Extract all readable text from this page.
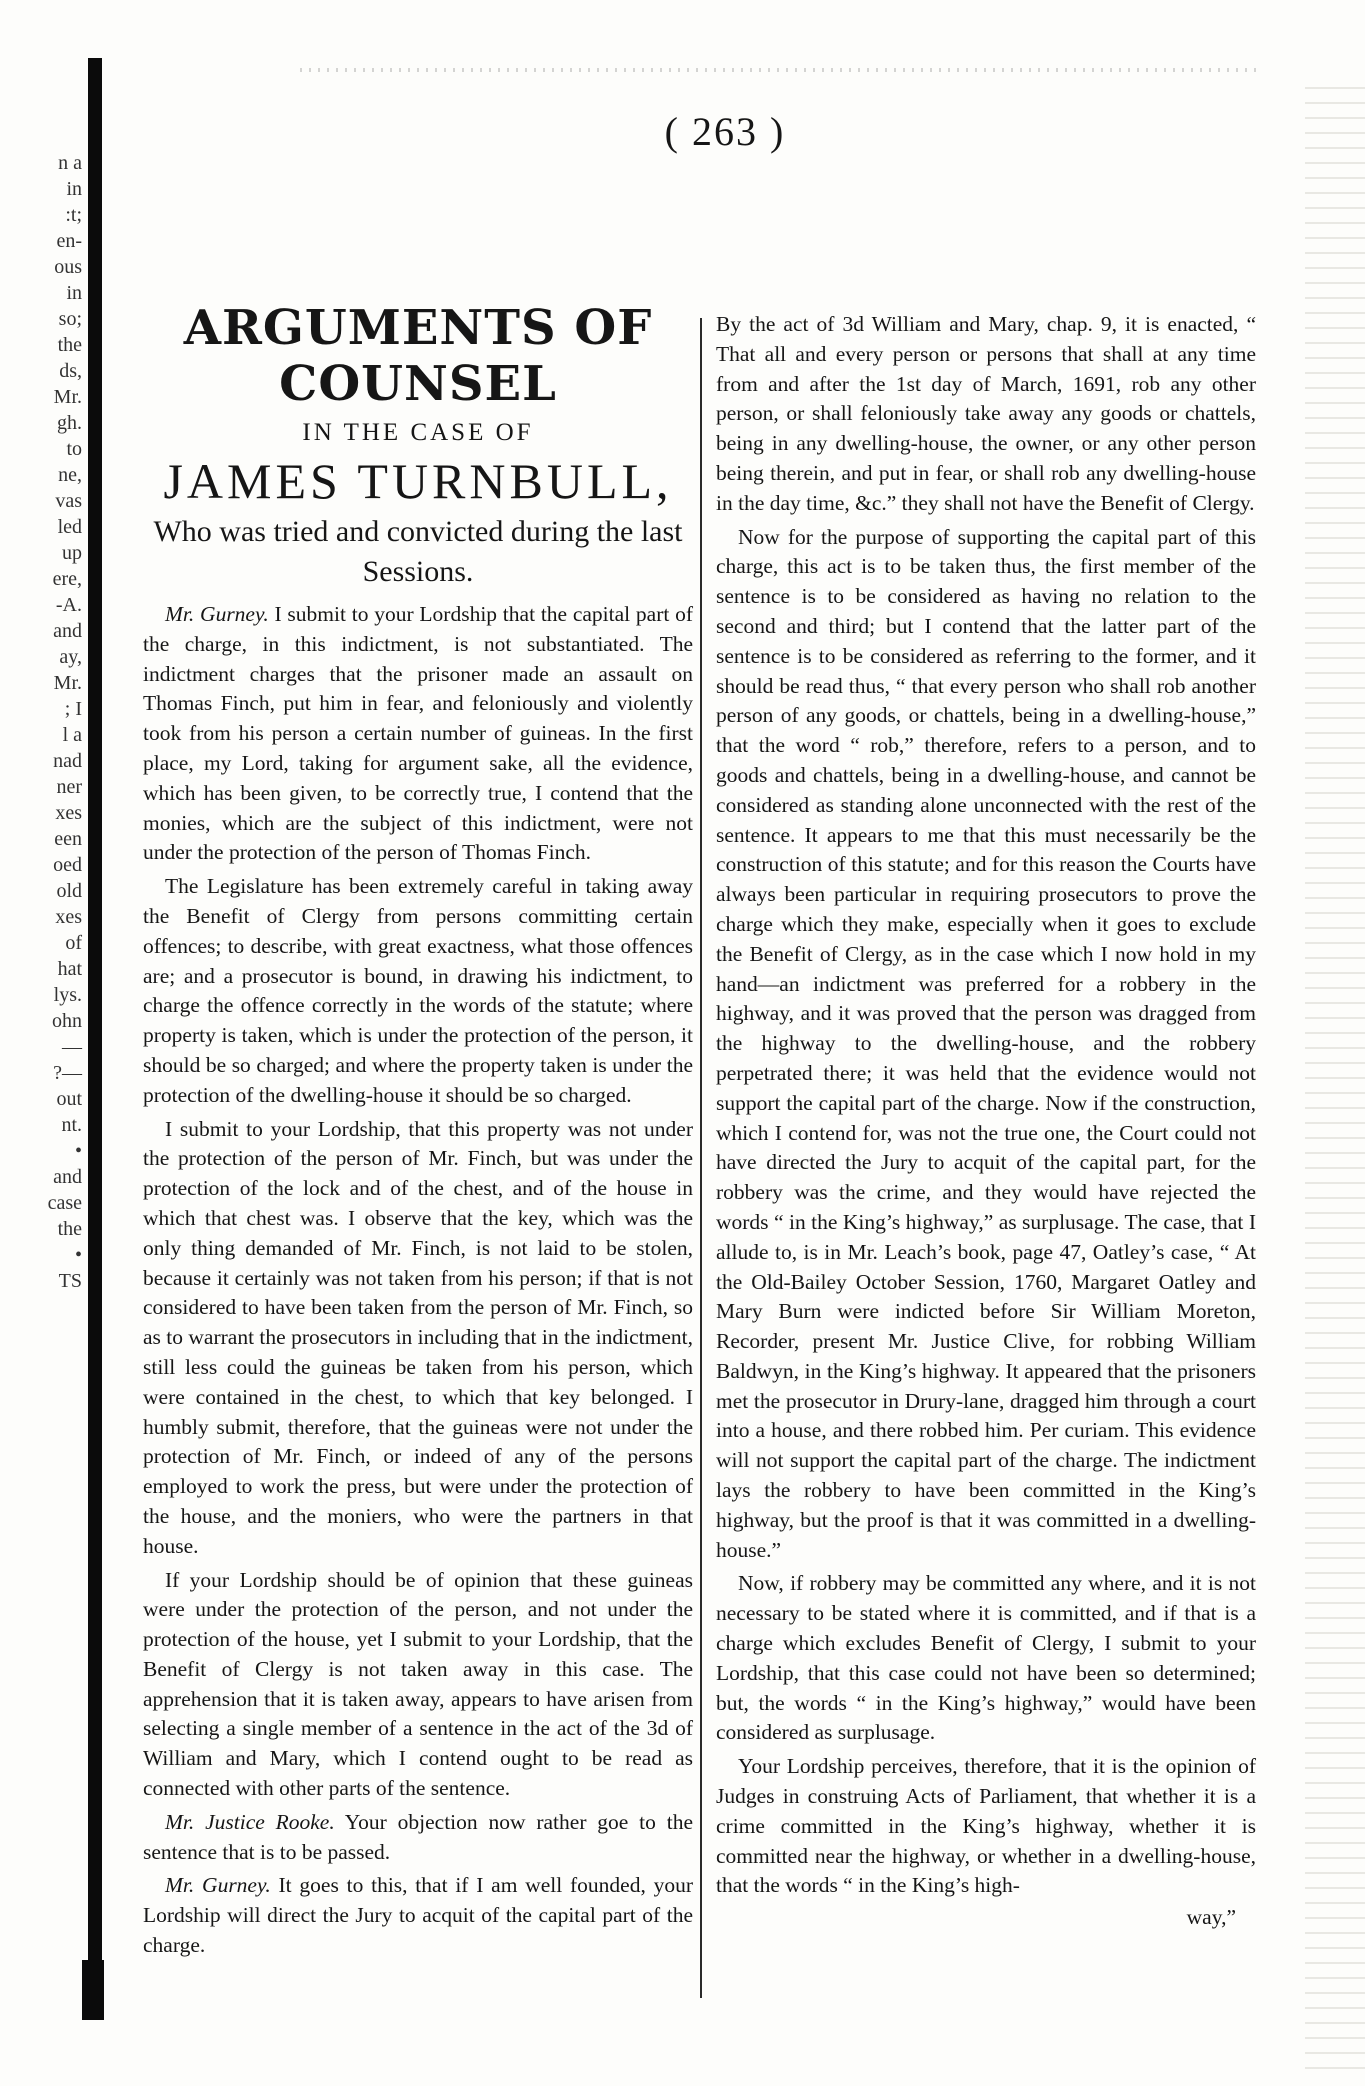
n a
in
:t;
en-
ous
in
so;
the
ds,
Mr.
gh.
to
ne,
vas
led
up
ere,
-A.
and
ay,
Mr.
; I
l a
nad
ner
xes
een
oed
old
xes
of
hat
lys.
ohn
—
?—
out
nt.
•
and
case
the
•
TS
( 263 )
ARGUMENTS OF COUNSEL
IN THE CASE OF
JAMES TURNBULL,
Who was tried and convicted during the last Sessions.

Mr. Gurney. I submit to your Lordship that the capital part of the charge, in this indictment, is not substantiated. The indictment charges that the prisoner made an assault on Thomas Finch, put him in fear, and feloniously and violently took from his person a certain number of guineas. In the first place, my Lord, taking for argument sake, all the evidence, which has been given, to be correctly true, I contend that the monies, which are the subject of this indictment, were not under the protection of the person of Thomas Finch.

The Legislature has been extremely careful in taking away the Benefit of Clergy from persons committing certain offences; to describe, with great exactness, what those offences are; and a prosecutor is bound, in drawing his indictment, to charge the offence correctly in the words of the statute; where property is taken, which is under the protection of the person, it should be so charged; and where the property taken is under the protection of the dwelling-house it should be so charged.

I submit to your Lordship, that this property was not under the protection of the person of Mr. Finch, but was under the protection of the lock and of the chest, and of the house in which that chest was. I observe that the key, which was the only thing demanded of Mr. Finch, is not laid to be stolen, because it certainly was not taken from his person; if that is not considered to have been taken from the person of Mr. Finch, so as to warrant the prosecutors in including that in the indictment, still less could the guineas be taken from his person, which were contained in the chest, to which that key belonged. I humbly submit, therefore, that the guineas were not under the protection of Mr. Finch, or indeed of any of the persons employed to work the press, but were under the protection of the house, and the moniers, who were the partners in that house.

If your Lordship should be of opinion that these guineas were under the protection of the person, and not under the protection of the house, yet I submit to your Lordship, that the Benefit of Clergy is not taken away in this case. The apprehension that it is taken away, appears to have arisen from selecting a single member of a sentence in the act of the 3d of William and Mary, which I contend ought to be read as connected with other parts of the sentence.

Mr. Justice Rooke. Your objection now rather goe to the sentence that is to be passed.

Mr. Gurney. It goes to this, that if I am well founded, your Lordship will direct the Jury to acquit of the capital part of the charge.

By the act of 3d William and Mary, chap. 9, it is enacted, “ That all and every person or persons that shall at any time from and after the 1st day of March, 1691, rob any other person, or shall feloniously take away any goods or chattels, being in any dwelling-house, the owner, or any other person being therein, and put in fear, or shall rob any dwelling-house in the day time, &c.” they shall not have the Benefit of Clergy.

Now for the purpose of supporting the capital part of this charge, this act is to be taken thus, the first member of the sentence is to be considered as having no relation to the second and third; but I contend that the latter part of the sentence is to be considered as referring to the former, and it should be read thus, “ that every person who shall rob another person of any goods, or chattels, being in a dwelling-house,” that the word “ rob,” therefore, refers to a person, and to goods and chattels, being in a dwelling-house, and cannot be considered as standing alone unconnected with the rest of the sentence. It appears to me that this must necessarily be the construction of this statute; and for this reason the Courts have always been particular in requiring prosecutors to prove the charge which they make, especially when it goes to exclude the Benefit of Clergy, as in the case which I now hold in my hand—an indictment was preferred for a robbery in the highway, and it was proved that the person was dragged from the highway to the dwelling-house, and the robbery perpetrated there; it was held that the evidence would not support the capital part of the charge. Now if the construction, which I contend for, was not the true one, the Court could not have directed the Jury to acquit of the capital part, for the robbery was the crime, and they would have rejected the words “ in the King’s highway,” as surplusage. The case, that I allude to, is in Mr. Leach’s book, page 47, Oatley’s case, “ At the Old-Bailey October Session, 1760, Margaret Oatley and Mary Burn were indicted before Sir William Moreton, Recorder, present Mr. Justice Clive, for robbing William Baldwyn, in the King’s highway. It appeared that the prisoners met the prosecutor in Drury-lane, dragged him through a court into a house, and there robbed him. Per curiam. This evidence will not support the capital part of the charge. The indictment lays the robbery to have been committed in the King’s highway, but the proof is that it was committed in a dwelling-house.”

Now, if robbery may be committed any where, and it is not necessary to be stated where it is committed, and if that is a charge which excludes Benefit of Clergy, I submit to your Lordship, that this case could not have been so determined; but, the words “ in the King’s highway,” would have been considered as surplusage.

Your Lordship perceives, therefore, that it is the opinion of Judges in construing Acts of Parliament, that whether it is a crime committed in the King’s highway, whether it is committed near the highway, or whether in a dwelling-house, that the words “ in the King’s high-

way,”
